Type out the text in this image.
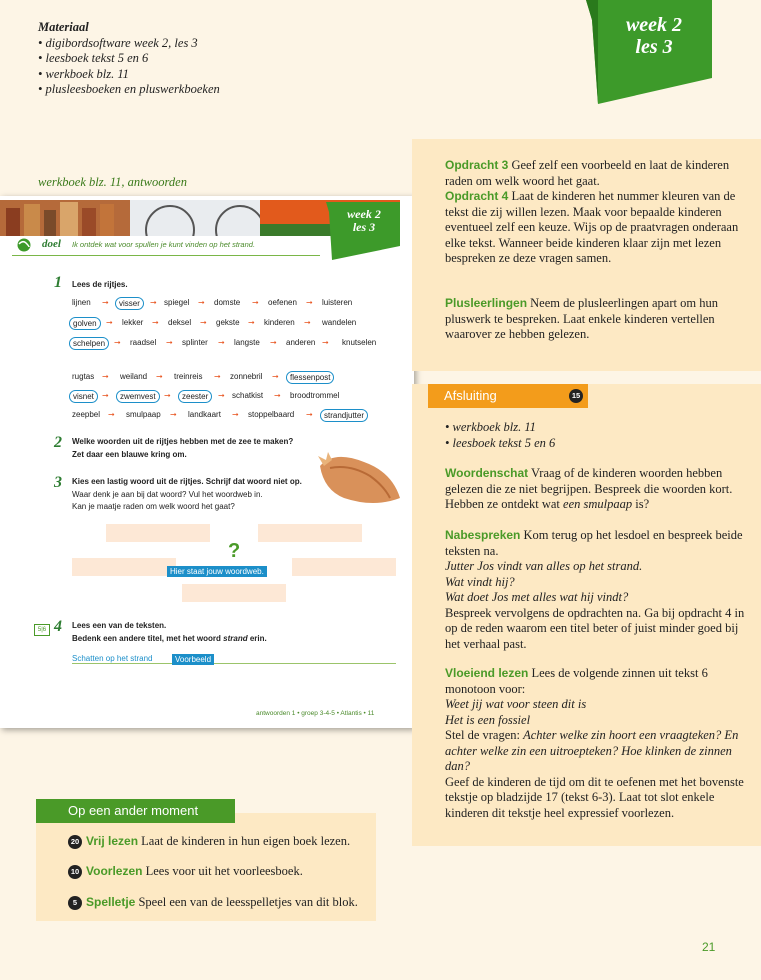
Materiaal
• digibordsoftware week 2, les 3
• leesboek tekst 5 en 6
• werkboek blz. 11
• plusleesboeken en pluswerkboeken
week 2
les 3
werkboek blz. 11, antwoorden
week 2
les 3
doel Ik ontdek wat voor spullen je kunt vinden op het strand.
1 Lees de rijtjes.
lijnen ➞	visser	➞ spiegel ➞ domste ➞ oefenen ➞ luisteren
golven	➞ lekker ➞ deksel ➞ gekste ➞ kinderen ➞ wandelen
schelpen	➞ raadsel ➞ splinter ➞ langste ➞ anderen ➞ knutselen
rugtas ➞ weiland ➞ treinreis ➞ zonnebril ➞	flessenpost
visnet	➞	zwemvest	➞	zeester	➞ schatkist ➞ broodtrommel
zeepbel ➞ smulpaap ➞ landkaart ➞ stoppelbaard ➞	strandjutter
2 Welke woorden uit de rijtjes hebben met de zee te maken?
Zet daar een blauwe kring om.
3 Kies een lastig woord uit de rijtjes. Schrijf dat woord niet op.
Waar denk je aan bij dat woord? Vul het woordweb in.
Kan je maatje raden om welk woord het gaat?
?
Hier staat jouw woordweb.
5|6 4 Lees een van de teksten.
Bedenk een andere titel, met het woord strand erin.
Schatten op het strand	Voorbeeld
antwoorden 1 • groep 3-4-5 • Atlantis • 11
Opdracht 3 Geef zelf een voorbeeld en laat de kinderen raden om welk woord het gaat.
Opdracht 4 Laat de kinderen het nummer kleuren van de tekst die zij willen lezen. Maak voor bepaalde kinderen eventueel zelf een keuze. Wijs op de praatvragen onderaan elke tekst. Wanneer beide kinderen klaar zijn met lezen bespreken ze deze vragen samen.
Plusleerlingen Neem de plusleerlingen apart om hun pluswerk te bespreken. Laat enkele kinderen vertellen waarover ze hebben gelezen.
Afsluiting	15
• werkboek blz. 11
• leesboek tekst 5 en 6
Woordenschat Vraag of de kinderen woorden hebben gelezen die ze niet begrijpen. Bespreek die woorden kort. Hebben ze ontdekt wat een smulpaap is?
Nabespreken Kom terug op het lesdoel en bespreek beide teksten na.
Jutter Jos vindt van alles op het strand.
Wat vindt hij?
Wat doet Jos met alles wat hij vindt?
Bespreek vervolgens de opdrachten na. Ga bij opdracht 4 in op de reden waarom een titel beter of juist minder goed bij het verhaal past.
Vloeiend lezen Lees de volgende zinnen uit tekst 6 monotoon voor:
Weet jij wat voor steen dit is
Het is een fossiel
Stel de vragen: Achter welke zin hoort een vraagteken? En achter welke zin een uitroepteken? Hoe klinken de zinnen dan?
Geef de kinderen de tijd om dit te oefenen met het bovenste tekstje op bladzijde 17 (tekst 6-3). Laat tot slot enkele kinderen dit tekstje heel expressief voorlezen.
Op een ander moment
20 Vrij lezen Laat de kinderen in hun eigen boek lezen.
10 Voorlezen Lees voor uit het voorleesboek.
5 Spelletje Speel een van de leesspelletjes van dit blok.
21
